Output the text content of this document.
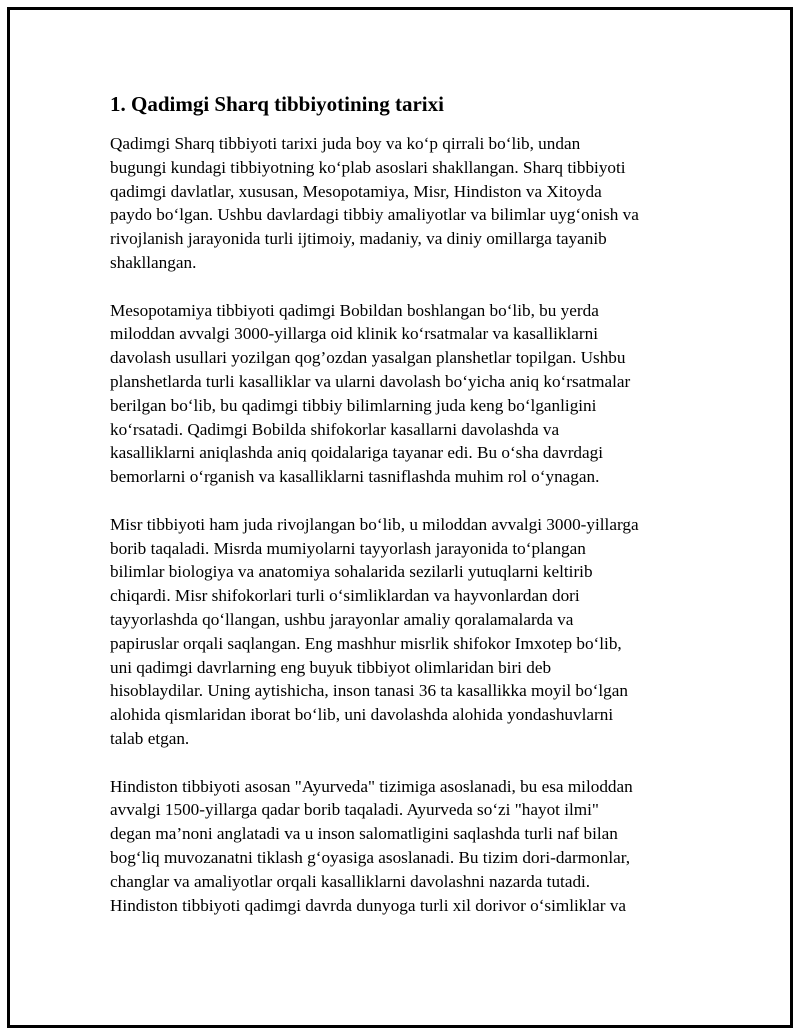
1. Qadimgi Sharq tibbiyotining tarixi

Qadimgi Sharq tibbiyoti tarixi juda boy va ko‘p qirrali bo‘lib, undan
bugungi kundagi tibbiyotning ko‘plab asoslari shakllangan. Sharq tibbiyoti
qadimgi davlatlar, xususan, Mesopotamiya, Misr, Hindiston va Xitoyda
paydo bo‘lgan. Ushbu davlardagi tibbiy amaliyotlar va bilimlar uyg‘onish va
rivojlanish jarayonida turli ijtimoiy, madaniy, va diniy omillarga tayanib
shakllangan.

Mesopotamiya tibbiyoti qadimgi Bobildan boshlangan bo‘lib, bu yerda
miloddan avvalgi 3000-yillarga oid klinik ko‘rsatmalar va kasalliklarni
davolash usullari yozilgan qog’ozdan yasalgan planshetlar topilgan. Ushbu
planshetlarda turli kasalliklar va ularni davolash bo‘yicha aniq ko‘rsatmalar
berilgan bo‘lib, bu qadimgi tibbiy bilimlarning juda keng bo‘lganligini
ko‘rsatadi. Qadimgi Bobilda shifokorlar kasallarni davolashda va
kasalliklarni aniqlashda aniq qoidalariga tayanar edi. Bu o‘sha davrdagi
bemorlarni o‘rganish va kasalliklarni tasniflashda muhim rol o‘ynagan.

Misr tibbiyoti ham juda rivojlangan bo‘lib, u miloddan avvalgi 3000-yillarga
borib taqaladi. Misrda mumiyolarni tayyorlash jarayonida to‘plangan
bilimlar biologiya va anatomiya sohalarida sezilarli yutuqlarni keltirib
chiqardi. Misr shifokorlari turli o‘simliklardan va hayvonlardan dori
tayyorlashda qo‘llangan, ushbu jarayonlar amaliy qoralamalarda va
papiruslar orqali saqlangan. Eng mashhur misrlik shifokor Imxotep bo‘lib,
uni qadimgi davrlarning eng buyuk tibbiyot olimlaridan biri deb
hisoblaydilar. Uning aytishicha, inson tanasi 36 ta kasallikka moyil bo‘lgan
alohida qismlaridan iborat bo‘lib, uni davolashda alohida yondashuvlarni
talab etgan.

Hindiston tibbiyoti asosan "Ayurveda" tizimiga asoslanadi, bu esa miloddan
avvalgi 1500-yillarga qadar borib taqaladi. Ayurveda so‘zi "hayot ilmi"
degan ma’noni anglatadi va u inson salomatligini saqlashda turli naf bilan
bog‘liq muvozanatni tiklash g‘oyasiga asoslanadi. Bu tizim dori-darmonlar,
changlar va amaliyotlar orqali kasalliklarni davolashni nazarda tutadi.
Hindiston tibbiyoti qadimgi davrda dunyoga turli xil dorivor o‘simliklar va
